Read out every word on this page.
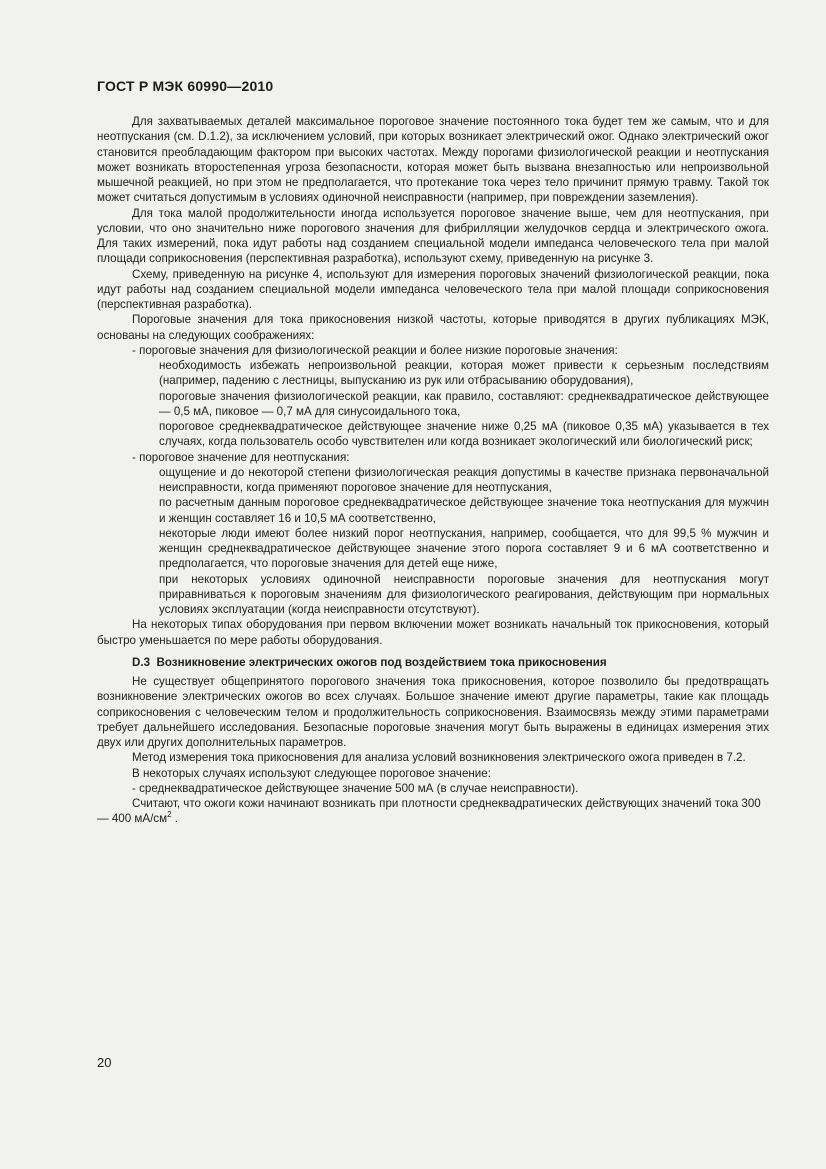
ГОСТ Р МЭК 60990—2010

Для захватываемых деталей максимальное пороговое значение постоянного тока будет тем же самым, что и для неотпускания (см. D.1.2), за исключением условий, при которых возникает электрический ожог. Однако электрический ожог становится преобладающим фактором при высоких частотах. Между порогами физиологической реакции и неотпускания может возникать второстепенная угроза безопасности, которая может быть вызвана внезапностью или непроизвольной мышечной реакцией, но при этом не предполагается, что протекание тока через тело причинит прямую травму. Такой ток может считаться допустимым в условиях одиночной неисправности (например, при повреждении заземления).

Для тока малой продолжительности иногда используется пороговое значение выше, чем для неотпускания, при условии, что оно значительно ниже порогового значения для фибрилляции желудочков сердца и электрического ожога. Для таких измерений, пока идут работы над созданием специальной модели импеданса человеческого тела при малой площади соприкосновения (перспективная разработка), используют схему, приведенную на рисунке 3.

Схему, приведенную на рисунке 4, используют для измерения пороговых значений физиологической реакции, пока идут работы над созданием специальной модели импеданса человеческого тела при малой площади соприкосновения (перспективная разработка).

Пороговые значения для тока прикосновения низкой частоты, которые приводятся в других публикациях МЭК, основаны на следующих соображениях:

- пороговые значения для физиологической реакции и более низкие пороговые значения:

необходимость избежать непроизвольной реакции, которая может привести к серьезным последствиям (например, падению с лестницы, выпусканию из рук или отбрасыванию оборудования),

пороговые значения физиологической реакции, как правило, составляют: среднеквадратическое действующее — 0,5 мА, пиковое — 0,7 мА для синусоидального тока,

пороговое среднеквадратическое действующее значение ниже 0,25 мА (пиковое 0,35 мА) указывается в тех случаях, когда пользователь особо чувствителен или когда возникает экологический или биологический риск;

- пороговое значение для неотпускания:

ощущение и до некоторой степени физиологическая реакция допустимы в качестве признака первоначальной неисправности, когда применяют пороговое значение для неотпускания,

по расчетным данным пороговое среднеквадратическое действующее значение тока неотпускания для мужчин и женщин составляет 16 и 10,5 мА соответственно,

некоторые люди имеют более низкий порог неотпускания, например, сообщается, что для 99,5 % мужчин и женщин среднеквадратическое действующее значение этого порога составляет 9 и 6 мА соответственно и предполагается, что пороговые значения для детей еще ниже,

при некоторых условиях одиночной неисправности пороговые значения для неотпускания могут приравниваться к пороговым значениям для физиологического реагирования, действующим при нормальных условиях эксплуатации (когда неисправности отсутствуют).

На некоторых типах оборудования при первом включении может возникать начальный ток прикосновения, который быстро уменьшается по мере работы оборудования.

D.3 Возникновение электрических ожогов под воздействием тока прикосновения

Не существует общепринятого порогового значения тока прикосновения, которое позволило бы предотвращать возникновение электрических ожогов во всех случаях. Большое значение имеют другие параметры, такие как площадь соприкосновения с человеческим телом и продолжительность соприкосновения. Взаимосвязь между этими параметрами требует дальнейшего исследования. Безопасные пороговые значения могут быть выражены в единицах измерения этих двух или других дополнительных параметров.

Метод измерения тока прикосновения для анализа условий возникновения электрического ожога приведен в 7.2.

В некоторых случаях используют следующее пороговое значение:

- среднеквадратическое действующее значение 500 мА (в случае неисправности).

Считают, что ожоги кожи начинают возникать при плотности среднеквадратических действующих значений тока 300 — 400 $мА/см^2$ .

20
